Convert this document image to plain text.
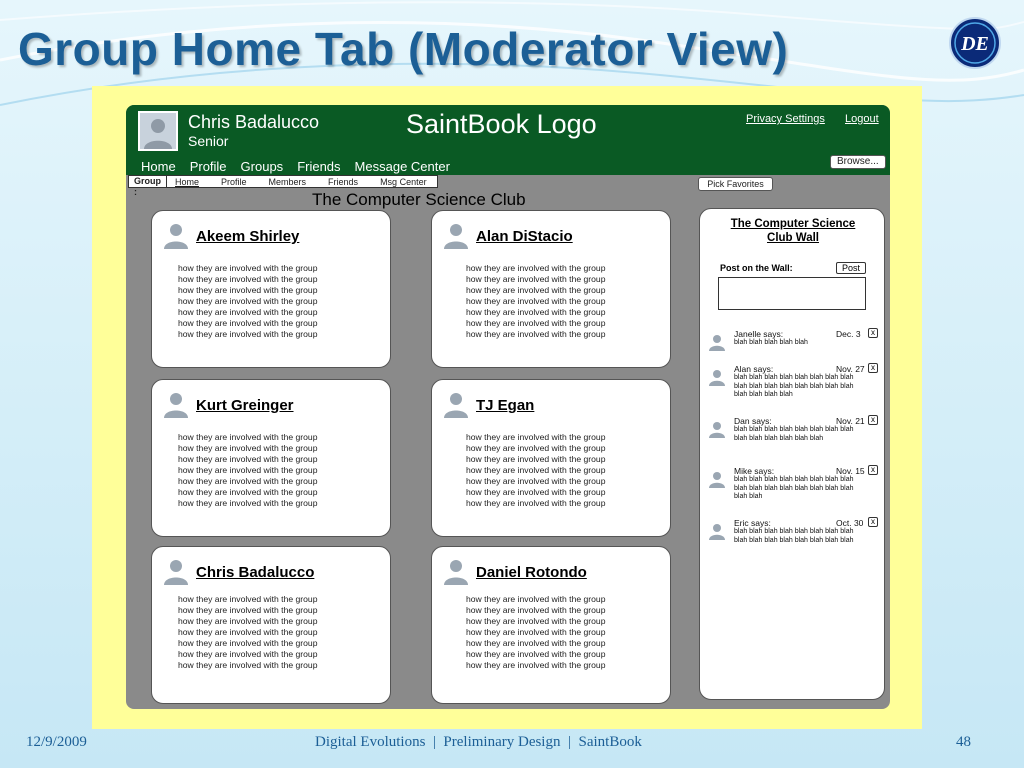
Group Home Tab (Moderator View)	DE
Chris Badalucco
Senior
SaintBook Logo	Privacy Settings Logout
Home Profile Groups Friends Message Center	Browse...
Group :
Home Profile Members Friends Msg Center	Pick Favorites
The Computer Science Club
Akeem Shirley
how they are involved with the group
how they are involved with the group
how they are involved with the group
how they are involved with the group
how they are involved with the group
how they are involved with the group
how they are involved with the group
Alan DiStacio
how they are involved with the group
how they are involved with the group
how they are involved with the group
how they are involved with the group
how they are involved with the group
how they are involved with the group
how they are involved with the group
Kurt Greinger
how they are involved with the group
how they are involved with the group
how they are involved with the group
how they are involved with the group
how they are involved with the group
how they are involved with the group
how they are involved with the group
TJ Egan
how they are involved with the group
how they are involved with the group
how they are involved with the group
how they are involved with the group
how they are involved with the group
how they are involved with the group
how they are involved with the group
Chris Badalucco
how they are involved with the group
how they are involved with the group
how they are involved with the group
how they are involved with the group
how they are involved with the group
how they are involved with the group
how they are involved with the group
Daniel Rotondo
how they are involved with the group
how they are involved with the group
how they are involved with the group
how they are involved with the group
how they are involved with the group
how they are involved with the group
how they are involved with the group
The Computer Science
Club Wall
Post on the Wall:	Post
Janelle says:	Dec. 3	x
blah blah blah blah blah
Alan says:	Nov. 27 x
blah blah blah blah blah blah blah blah blah blah blah blah blah blah blah blah blah blah blah blah
Dan says:	Nov. 21 x
blah blah blah blah blah blah blah blah blah blah blah blah blah blah
Mike says:	Nov. 15 x
blah blah blah blah blah blah blah blah blah blah blah blah blah blah blah blah blah blah
Eric says:	Oct. 30 x
blah blah blah blah blah blah blah blah blah blah blah blah blah blah blah blah
12/9/2009	Digital Evolutions  |  Preliminary Design  |  SaintBook	48
